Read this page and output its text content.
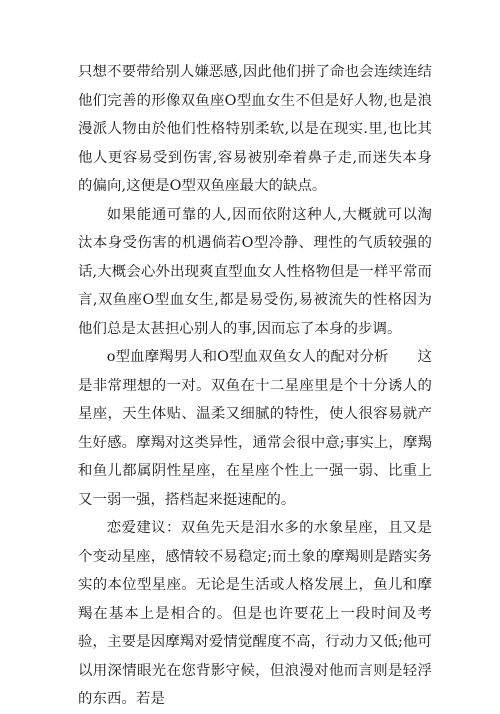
只想不要带给别人嫌恶感,因此他们拼了命也会连续连结他们完善的形像双鱼座O型血女生不但是好人物,也是浪漫派人物由於他们性格特别柔软,以是在现实.里,也比其他人更容易受到伤害,容易被别牵着鼻子走,而迷失本身的偏向,这便是O型双鱼座最大的缺点。

如果能通可靠的人,因而依附这种人,大概就可以淘汰本身受伤害的机遇倘若O型冷静、理性的气质较强的话,大概会心外出现爽直型血女人性格物但是一样平常而言,双鱼座O型血女生,都是易受伤,易被流失的性格因为他们总是太甚担心别人的事,因而忘了本身的步调。

o型血摩羯男人和O型血双鱼女人的配对分析　　这是非常理想的一对。双鱼在十二星座里是个十分诱人的星座，天生体贴、温柔又细腻的特性，使人很容易就产生好感。摩羯对这类异性，通常会很中意;事实上，摩羯和鱼儿都属阴性星座，在星座个性上一强一弱、比重上又一弱一强，搭档起来挺速配的。

恋爱建议：双鱼先天是泪水多的水象星座，且又是个变动星座，感情较不易稳定;而土象的摩羯则是踏实务实的本位型星座。无论是生活或人格发展上，鱼儿和摩羯在基本上是相合的。但是也许要花上一段时间及考验，主要是因摩羯对爱情觉醒度不高，行动力又低;他可以用深情眼光在您背影守候，但浪漫对他而言则是轻浮的东西。若是
